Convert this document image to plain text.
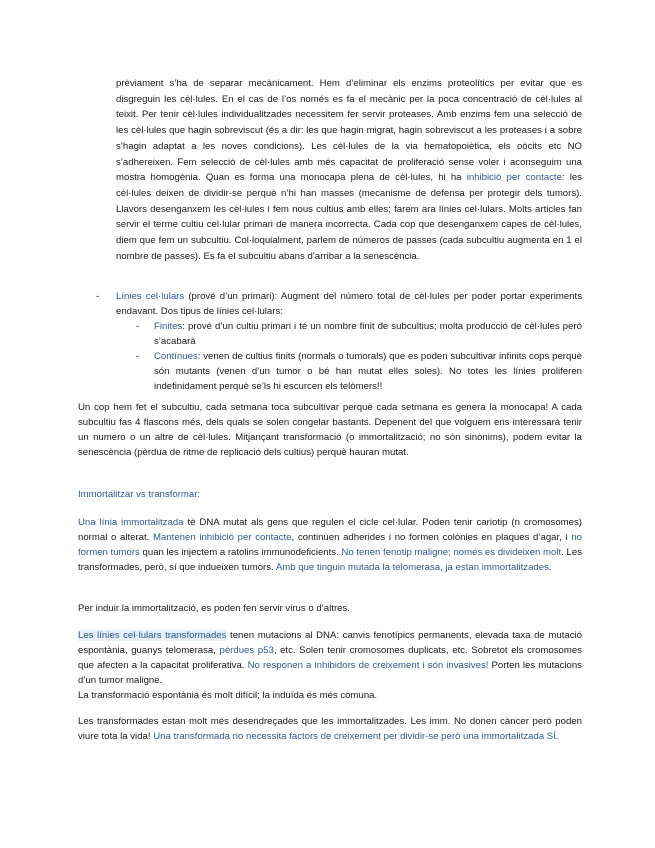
prèviament s’ha de separar mecànicament. Hem d’eliminar els enzims proteolítics per evitar que es disgreguin les cèl·lules. En el cas de l’os només es fa el mecànic per la poca concentració de cèl·lules al teixit. Per tenir cèl·lules individualitzades necessitem fer servir proteases. Amb enzims fem una selecció de les cèl·lules que hagin sobreviscut (és a dir: les que hagin migrat, hagin sobreviscut a les proteases i a sobre s’hagin adaptat a les noves condicions). Les cèl·lules de la via hematopoiètica, els oòcits etc NO s’adhereixen. Fem selecció de cèl·lules amb més capacitat de proliferació sense voler i aconseguim una mostra homogènia. Quan es forma una monocapa plena de cèl·lules, hi ha inhibició per contacte: les cèl·lules deixen de dividir-se perquè n’hi han masses (mecanisme de defensa per protegir dels tumors). Llavors desenganxem les cèl·lules i fem nous cultius amb elles; farem ara línies cel·lulars. Molts articles fan servir el terme cultiu cel·lular primari de manera incorrecta. Cada cop que desenganxem capes de cèl·lules, diem que fem un subcultiu. Col·loquialment, parlem de números de passes (cada subcultiu augmenta en 1 el nombre de passes). Es fa el subcultiu abans d’arribar a la senescència.

- Línies cel·lulars (prové d’un primari): Augment del número total de cèl·lules per poder portar experiments endavant. Dos tipus de línies cel·lulars:

- Finites: prové d’un cultiu primari i té un nombre finit de subcultius; molta producció de cèl·lules però s’acabarà

- Contínues: venen de cultius finits (normals o tumorals) que es poden subcultivar infinits cops perquè són mutants (venen d’un tumor o bé han mutat elles soles). No totes les línies proliferen indefinidament perquè se’ls hi escurcen els telòmers!!

Un cop hem fet el subcultiu, cada setmana toca subcultivar perquè cada setmana es genera la monocapa! A cada subcultiu fas 4 flascons més, dels quals se solen congelar bastants. Depenent del que volguem ens interessarà tenir un numero o un altre de cèl·lules. Mitjançant transformació (o immortalització; no són sinònims), podem evitar la senescència (pèrdua de ritme de replicació dels cultius) perquè hauran mutat.

Immortalitzar vs transformar:

Una línia immortalitzada té DNA mutat als gens que regulen el cicle cel·lular. Poden tenir cariotip (n cromosomes) normal o alterat. Mantenen inhibició per contacte, continuen adherides i no formen colònies en plaques d’agar, i no formen tumors quan les injectem a ratolins immunodeficients. No tenen fenotip maligne; només es divideixen molt. Les transformades, però, sí que indueixen tumors. Amb que tinguin mutada la telomerasa, ja estan immortalitzades.

Per induir la immortalització, es poden fen servir virus o d’altres.

Les línies cel·lulars transformades tenen mutacions al DNA: canvis fenotípics permanents, elevada taxa de mutació espontània, guanys telomerasa, pèrdues p53, etc. Solen tenir cromosomes duplicats, etc. Sobretot els cromosomes que afecten a la capacitat proliferativa. No responen a inhibidors de creixement i són invasives! Porten les mutacions d’un tumor maligne.

La transformació espontània és molt difícil; la induïda és més comuna.

Les transformades estan molt més desendreçades que les immortalitzades. Les imm. No donen càncer però poden viure tota la vida! Una transformada no necessita factors de creixement per dividir-se però una immortalitzada SÍ.
